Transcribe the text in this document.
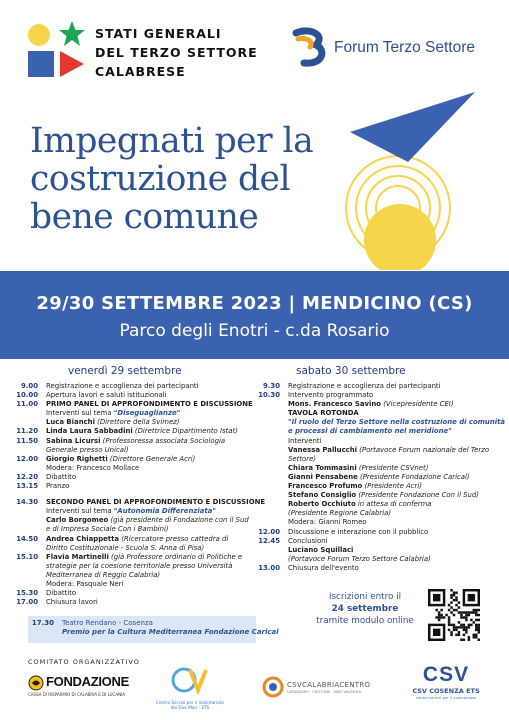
STATI GENERALI
DEL TERZO SETTORE
CALABRESE
Forum Terzo Settore
Impegnati per la
costruzione del
bene comune
29/30 SETTEMBRE 2023 | MENDICINO (CS)
Parco degli Enotri - c.da Rosario
venerdì 29 settembre
9.00	Registrazione e accoglienza dei partecipanti
10.00	Apertura lavori e saluti istituzionali
11.00	PRIMO PANEL DI APPROFONDIMENTO E DISCUSSIONE
Interventi sul tema "Diseguaglianze"
Luca Bianchi (Direttore della Svimez)
11.20	Linda Laura Sabbadini (Direttrice Dipartimento Istat)
11.50	Sabina Licursi (Professoressa associata Sociologia
Generale presso Unical)
12.00	Giorgio Righetti (Direttore Generale Acri)
Modera: Francesco Mollace
12.20	Dibattito
13.15	Pranzo
14.30	SECONDO PANEL DI APPROFONDIMENTO E DISCUSSIONE
Interventi sul tema "Autonomia Differenziata"
Carlo Borgomeo (già presidente di Fondazione con il Sud
e di Impresa Sociale Con i Bambini)
14.50	Andrea Chiappetta (Ricercatore presso cattedra di
Diritto Costituzionale - Scuola S. Anna di Pisa)
15.10	Flavia Martinelli (già Professore ordinario di Politiche e
strategie per la coesione territoriale presso Università
Mediterranea di Reggio Calabria)
Moderа: Pasquale Neri
15.30	Dibattito
17.00	Chiusura lavori
17.30	Teatro Rendano - Cosenza
Premio per la Cultura Mediterranea Fondazione Carical
sabato 30 settembre
9.30	Registrazione e accoglienza dei partecipanti
10.30	Intervento programmato
Mons. Francesco Savino (Vicepresidente CEI)
TAVOLA ROTONDA
"Il ruolo del Terzo Settore nella costruzione di comunità
e processi di cambiamento nel meridione"
Interventi
Vanessa Pallucchi (Portavoce Forum nazionale del Terzo
Settore)
Chiara Tommasini (Presidente CSVnet)
Gianni Pensabene (Presidente Fondazione Carical)
Francesco Profumo (Presidente Acri)
Stefano Consiglio (Presidente Fondazione Con il Sud)
Roberto Occhiuto in attesa di conferma
(Presidente Regione Calabria)
Modera: Gianni Romeo
12.00	Discussione e interazione con il pubblico
12.45	Conclusioni
Luciano Squillaci
(Portavoce Forum Terzo Settore Calabria)
13.00	Chiusura dell'evento
Iscrizioni entro il
24 settembre
tramite modulo online
COMITATO ORGANIZZATIVO
FONDAZIONE
CASSA DI RISPARMIO DI CALABRIA E DI LUCANIA
Centro Servizi per il Volontariato
dei Due Mari - ETS
CSVCALABRIACENTRO
CATANZARO · CROTONE · VIBO VALENTIA
CSV
CSV COSENZA ETS
centro servizi per il volontariato
